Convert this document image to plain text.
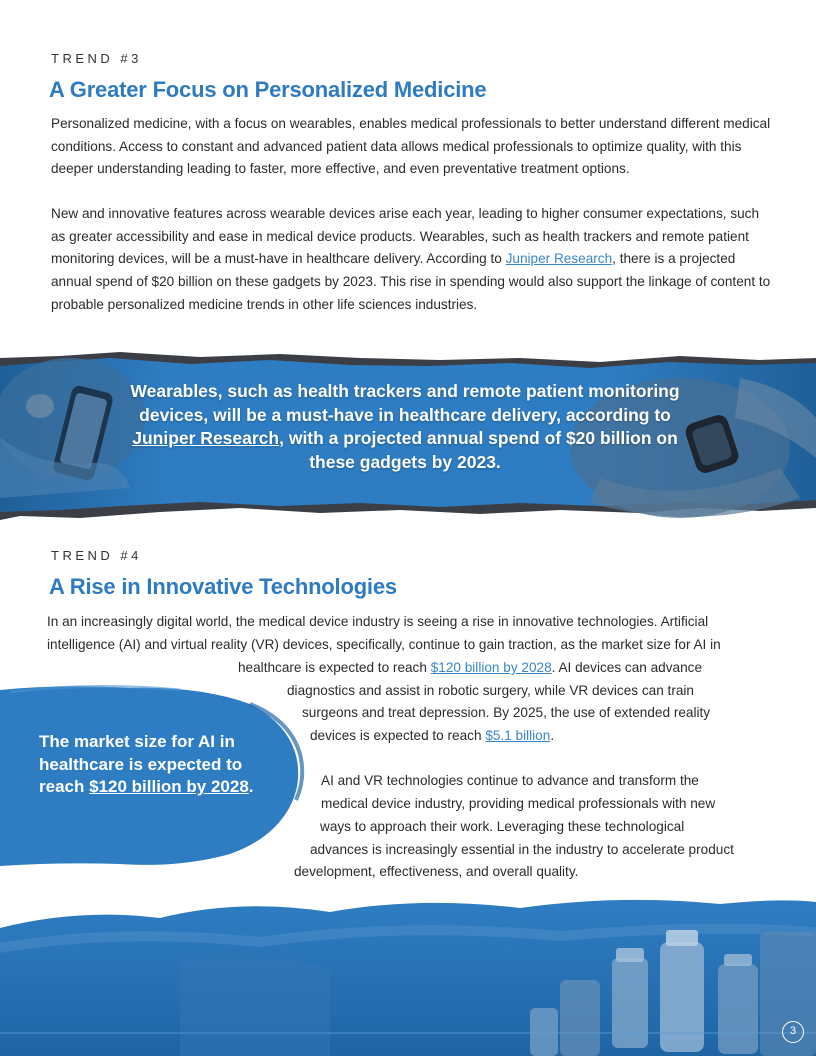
TREND #3
A Greater Focus on Personalized Medicine

Personalized medicine, with a focus on wearables, enables medical professionals to better understand different medical conditions. Access to constant and advanced patient data allows medical professionals to optimize quality, with this deeper understanding leading to faster, more effective, and even preventative treatment options.

New and innovative features across wearable devices arise each year, leading to higher consumer expectations, such as greater accessibility and ease in medical device products. Wearables, such as health trackers and remote patient monitoring devices, will be a must-have in healthcare delivery. According to Juniper Research, there is a projected annual spend of $20 billion on these gadgets by 2023. This rise in spending would also support the linkage of content to probable personalized medicine trends in other life sciences industries.

Wearables, such as health trackers and remote patient monitoring devices, will be a must-have in healthcare delivery, according to Juniper Research, with a projected annual spend of $20 billion on these gadgets by 2023.

TREND #4
A Rise in Innovative Technologies
In an increasingly digital world, the medical device industry is seeing a rise in innovative technologies. Artificial
intelligence (AI) and virtual reality (VR) devices, specifically, continue to gain traction, as the market size for AI in
healthcare is expected to reach $120 billion by 2028. AI devices can advance
diagnostics and assist in robotic surgery, while VR devices can train
surgeons and treat depression. By 2025, the use of extended reality
devices is expected to reach $5.1 billion.
AI and VR technologies continue to advance and transform the
medical device industry, providing medical professionals with new
ways to approach their work. Leveraging these technological
advances is increasingly essential in the industry to accelerate product
development, effectiveness, and overall quality.

The market size for AI in healthcare is expected to reach $120 billion by 2028.

3
